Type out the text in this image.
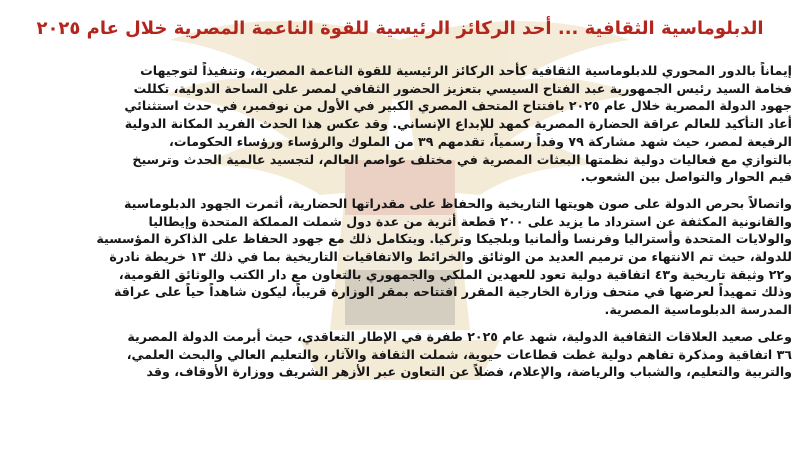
الدبلوماسية الثقافية ... أحد الركائز الرئيسية للقوة الناعمة المصرية خلال عام ٢٠٢٥

إيماناً بالدور المحوري للدبلوماسية الثقافية كأحد الركائز الرئيسية للقوة الناعمة المصرية، وتنفيذاً لتوجيهات
فخامة السيد رئيس الجمهورية عبد الفتاح السيسي بتعزيز الحضور الثقافي لمصر على الساحة الدولية، تكللت
جهود الدولة المصرية خلال عام ٢٠٢٥ بافتتاح المتحف المصري الكبير في الأول من نوفمبر، في حدث استثنائي
أعاد التأكيد للعالم عراقة الحضارة المصرية كمهد للإبداع الإنساني. وقد عكس هذا الحدث الفريد المكانة الدولية
الرفيعة لمصر، حيث شهد مشاركة ٧٩ وفداً رسمياً، تقدمهم ٣٩ من الملوك والرؤساء ورؤساء الحكومات،
بالتوازي مع فعاليات دولية نظمتها البعثات المصرية في مختلف عواصم العالم، لتجسيد عالمية الحدث وترسيخ
قيم الحوار والتواصل بين الشعوب.

واتصالاً بحرص الدولة على صون هويتها التاريخية والحفاظ على مقدراتها الحضارية، أثمرت الجهود الدبلوماسية
والقانونية المكثفة عن استرداد ما يزيد على ٢٠٠ قطعة أثرية من عدة دول شملت المملكة المتحدة وإيطاليا
والولايات المتحدة وأستراليا وفرنسا وألمانيا وبلجيكا وتركيا. ويتكامل ذلك مع جهود الحفاظ على الذاكرة المؤسسية
للدولة، حيث تم الانتهاء من ترميم العديد من الوثائق والخرائط والاتفاقيات التاريخية بما في ذلك ١٣ خريطة نادرة
و٢٢ وثيقة تاريخية و٤٣ اتفاقية دولية تعود للعهدين الملكي والجمهوري بالتعاون مع دار الكتب والوثائق القومية،
وذلك تمهيداً لعرضها في متحف وزارة الخارجية المقرر افتتاحه بمقر الوزارة قريباً، ليكون شاهداً حياً على عراقة
المدرسة الدبلوماسية المصرية.

وعلى صعيد العلاقات الثقافية الدولية، شهد عام ٢٠٢٥ طفرة في الإطار التعاقدي، حيث أبرمت الدولة المصرية
٣٦ اتفاقية ومذكرة تفاهم دولية غطت قطاعات حيوية، شملت الثقافة والآثار، والتعليم العالي والبحث العلمي،
والتربية والتعليم، والشباب والرياضة، والإعلام، فضلاً عن التعاون عبر الأزهر الشريف ووزارة الأوقاف، وقد
